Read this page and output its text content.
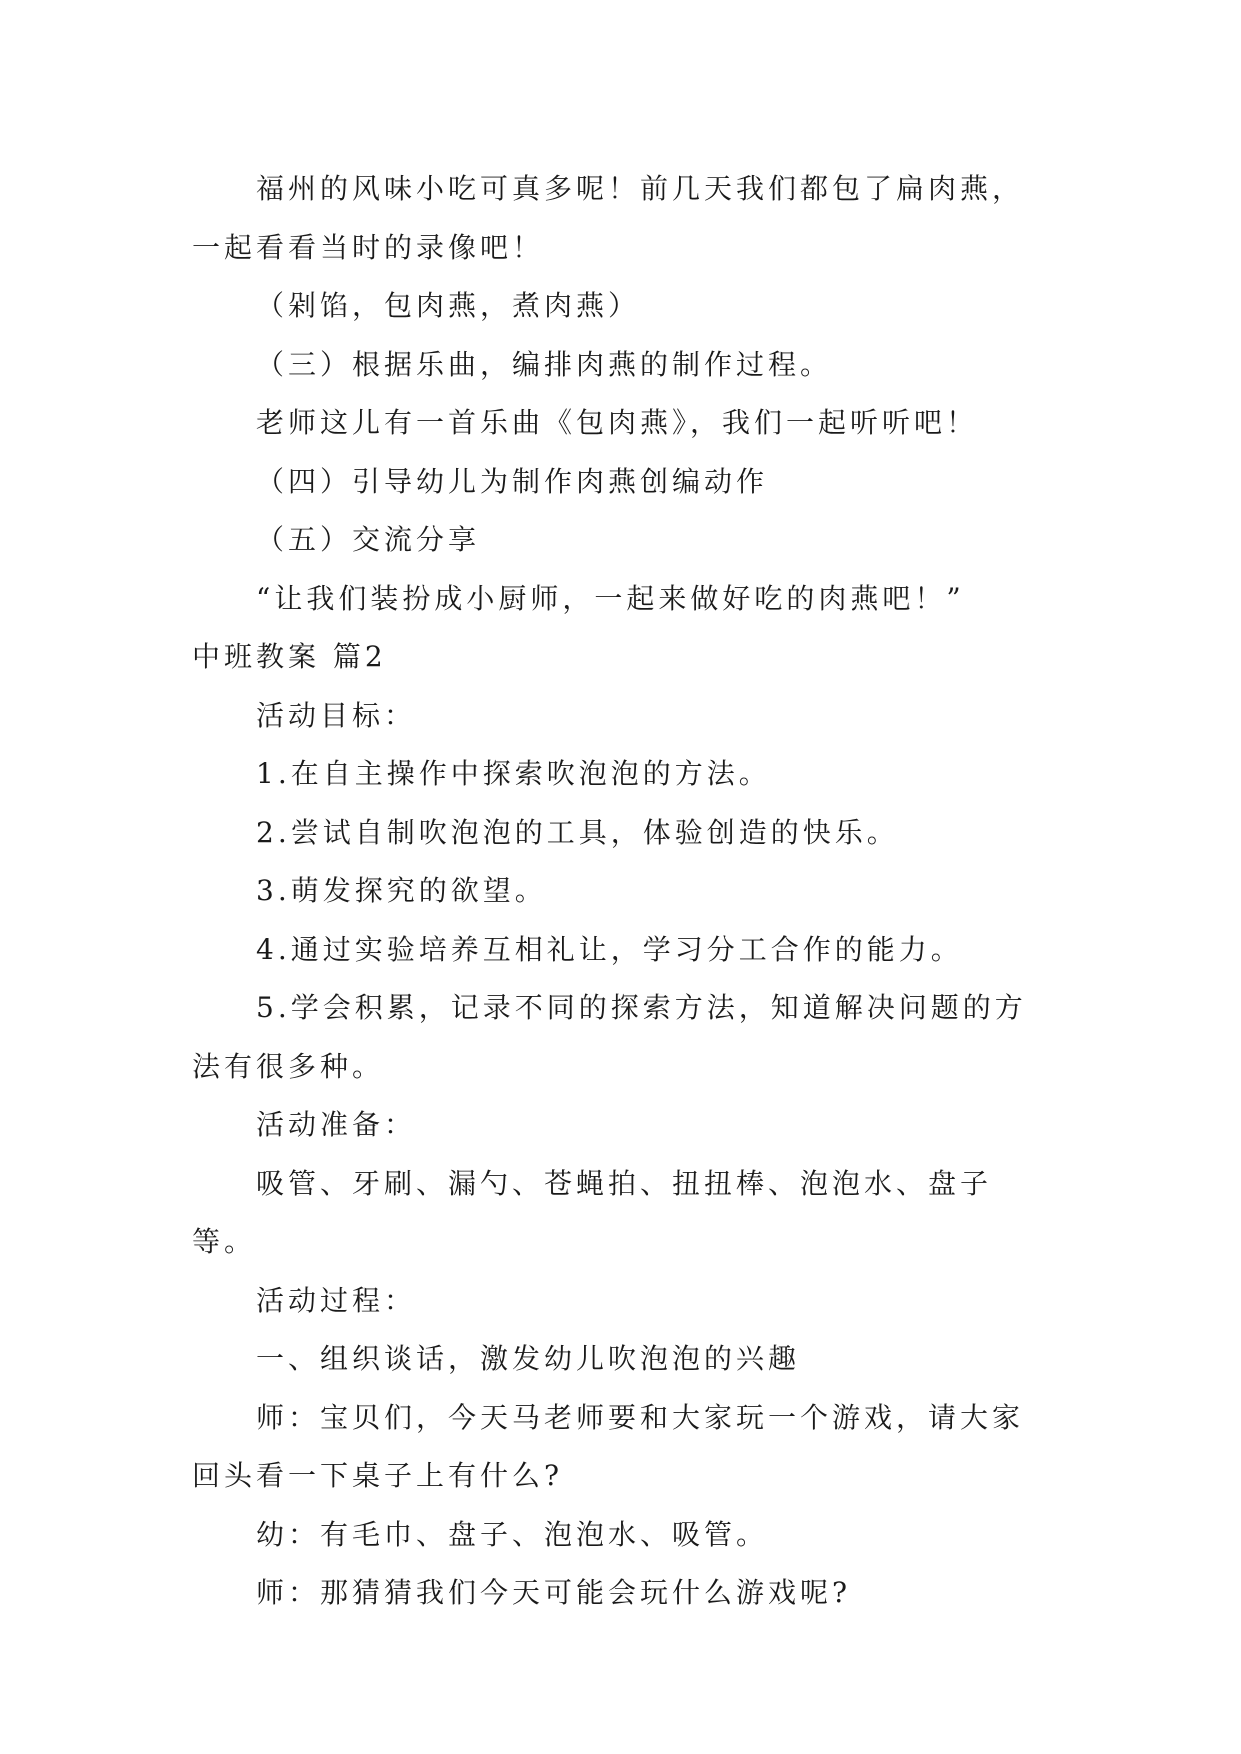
福州的风味小吃可真多呢！前几天我们都包了扁肉燕，一起看看当时的录像吧！

（剁馅，包肉燕，煮肉燕）

（三）根据乐曲，编排肉燕的制作过程。

老师这儿有一首乐曲《包肉燕》，我们一起听听吧！

（四）引导幼儿为制作肉燕创编动作

（五）交流分享

“让我们装扮成小厨师，一起来做好吃的肉燕吧！”

中班教案 篇2

活动目标：

1.在自主操作中探索吹泡泡的方法。

2.尝试自制吹泡泡的工具，体验创造的快乐。

3.萌发探究的欲望。

4.通过实验培养互相礼让，学习分工合作的能力。

5.学会积累，记录不同的探索方法，知道解决问题的方法有很多种。

活动准备：

吸管、牙刷、漏勺、苍蝇拍、扭扭棒、泡泡水、盘子等。

活动过程：

一、组织谈话，激发幼儿吹泡泡的兴趣

师：宝贝们，今天马老师要和大家玩一个游戏，请大家回头看一下桌子上有什么?

幼：有毛巾、盘子、泡泡水、吸管。

师：那猜猜我们今天可能会玩什么游戏呢?
